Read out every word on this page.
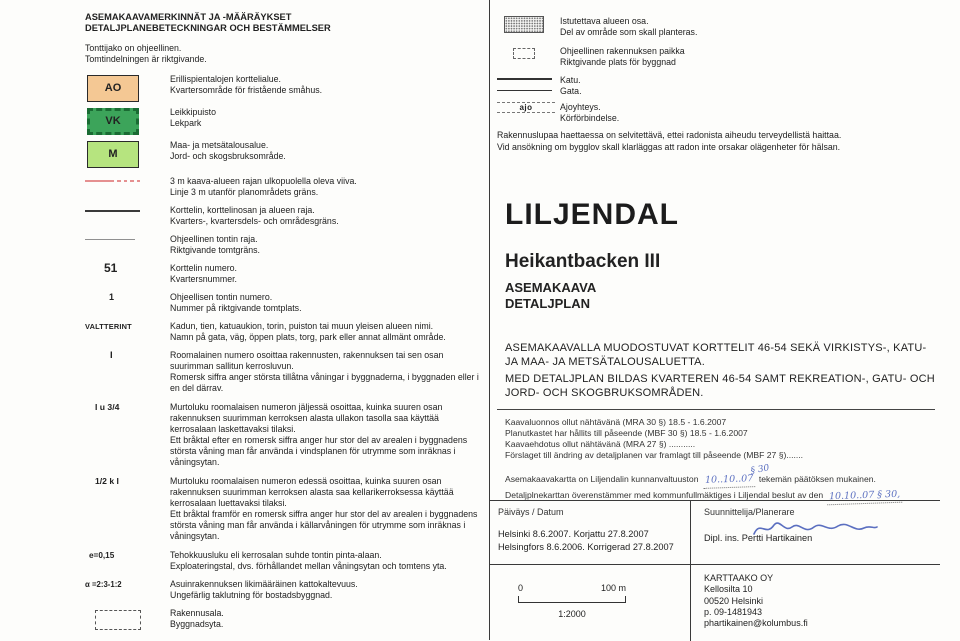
ASEMAKAAVAMERKINNÄT JA -MÄÄRÄYKSET
DETALJPLANEBETECKNINGAR OCH BESTÄMMELSER
Tonttijako on ohjeellinen.
Tomtindelningen är riktgivande.
AO
Erillispientalojen korttelialue.
Kvartersområde för fristående småhus.
VK
Leikkipuisto
Lekpark
M
Maa- ja metsätalousalue.
Jord- och skogsbruksområde.
3 m kaava-alueen rajan ulkopuolella oleva viiva.
Linje 3 m utanför planområdets gräns.
Korttelin, korttelinosan ja alueen raja.
Kvarters-, kvartersdels- och områdesgräns.
Ohjeellinen tontin raja.
Riktgivande tomtgräns.
51	Korttelin numero.
Kvartersnummer.
1	Ohjeellisen tontin numero.
Nummer på riktgivande tomtplats.
VALTTERINT	Kadun, tien, katuaukion, torin, puiston tai muun yleisen alueen nimi.
Namn på gata, väg, öppen plats, torg, park eller annat allmänt område.
I	Roomalainen numero osoittaa rakennusten, rakennuksen tai sen osan suurimman sallitun kerrosluvun.
Romersk siffra anger största tillåtna våningar i byggnaderna, i byggnaden eller i en del därrav.
I u 3/4	Murtoluku roomalaisen numeron jäljessä osoittaa, kuinka suuren osan rakennuksen suurimman kerroksen alasta ullakon tasolla saa käyttää kerrosalaan laskettavaksi tilaksi.
Ett bråktal efter en romersk siffra anger hur stor del av arealen i byggnadens största våning man får använda i vindsplanen för utrymme som inräknas i våningsytan.
1/2 k I	Murtoluku roomalaisen numeron edessä osoittaa, kuinka suuren osan rakennuksen suurimman kerroksen alasta saa kellarikerroksessa käyttää kerrosalaan luettavaksi tilaksi.
Ett bråktal framför en romersk siffra anger hur stor del av arealen i byggnadens största våning man får använda i källarvåningen för utrymme som inräknas i våningsytan.
e=0,15	Tehokkuusluku eli kerrosalan suhde tontin pinta-alaan.
Exploateringstal, dvs. förhållandet mellan våningsytan och tomtens yta.
α =2:3-1:2	Asuinrakennuksen likimääräinen kattokaltevuus.
Ungefärlig taklutning för bostadsbyggnad.
Rakennusala.
Byggnadsyta.
Istutettava alueen osa.
Del av område som skall planteras.
Ohjeellinen rakennuksen paikka
Riktgivande plats för byggnad
Katu.
Gata.
ajo	Ajoyhteys.
Körförbindelse.
Rakennuslupaa haettaessa on selvitettävä, ettei radonista aiheudu terveydellistä haittaa.
Vid ansökning om bygglov skall klarläggas att radon inte orsakar olägenheter för hälsan.
LILJENDAL
Heikantbacken III
ASEMAKAAVA
DETALJPLAN
ASEMAKAAVALLA MUODOSTUVAT KORTTELIT 46-54 SEKÄ VIRKISTYS-, KATU- JA MAA- JA METSÄTALOUSALUETTA.
MED DETALJPLAN BILDAS KVARTEREN 46-54 SAMT REKREATION-, GATU- OCH JORD- OCH SKOGBRUKSOMRÅDEN.
Kaavaluonnos ollut nähtävänä (MRA 30 §) 18.5 - 1.6.2007
Planutkastet har hållits till påseende (MBF 30 §) 18.5 - 1.6.2007
Kaavaehdotus ollut nähtävänä (MRA 27 §) ...........
Förslaget till ändring av detaljplanen var framlagt till påseende (MBF 27 §).......
Asemakaavakartta on Liljendalin kunnanvaltuuston 10..10..07
§ 30
tekemän päätöksen mukainen.
Detaljplnekarttan överenstämmer med kommunfullmäktiges i Liljendal beslut av den 10.10..07 § 30,
Päiväys / Datum
Helsinki 8.6.2007. Korjattu 27.8.2007
Helsingfors 8.6.2006. Korrigerad 27.8.2007
Suunnittelija/Planerare
Dipl. ins. Pertti Hartikainen
0	100 m
1:2000
KARTTAAKO OY
Kellosilta 10
00520 Helsinki
p. 09-1481943
phartikainen@kolumbus.fi
